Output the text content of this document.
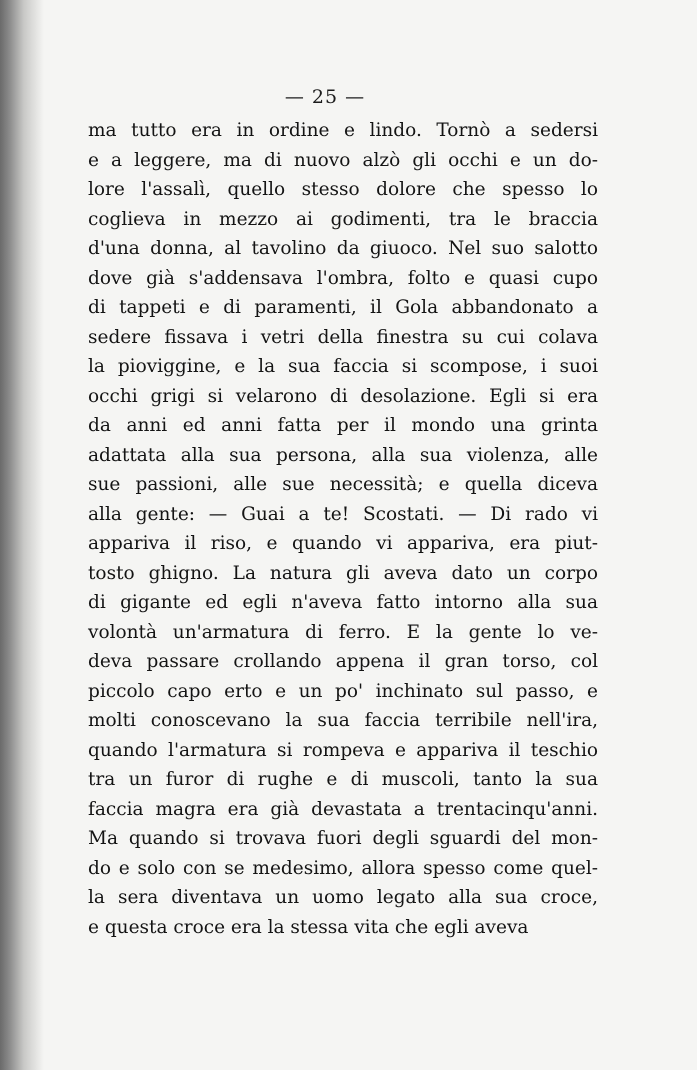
— 25 —
ma tutto era in ordine e lindo. Tornò a sedersi
e a leggere, ma di nuovo alzò gli occhi e un do-
lore l'assalì, quello stesso dolore che spesso lo
coglieva in mezzo ai godimenti, tra le braccia
d'una donna, al tavolino da giuoco. Nel suo salotto
dove già s'addensava l'ombra, folto e quasi cupo
di tappeti e di paramenti, il Gola abbandonato a
sedere fissava i vetri della finestra su cui colava
la pioviggine, e la sua faccia si scompose, i suoi
occhi grigi si velarono di desolazione. Egli si era
da anni ed anni fatta per il mondo una grinta
adattata alla sua persona, alla sua violenza, alle
sue passioni, alle sue necessità; e quella diceva
alla gente: — Guai a te! Scostati. — Di rado vi
appariva il riso, e quando vi appariva, era piut-
tosto ghigno. La natura gli aveva dato un corpo
di gigante ed egli n'aveva fatto intorno alla sua
volontà un'armatura di ferro. E la gente lo ve-
deva passare crollando appena il gran torso, col
piccolo capo erto e un po' inchinato sul passo, e
molti conoscevano la sua faccia terribile nell'ira,
quando l'armatura si rompeva e appariva il teschio
tra un furor di rughe e di muscoli, tanto la sua
faccia magra era già devastata a trentacinqu'anni.
Ma quando si trovava fuori degli sguardi del mon-
do e solo con se medesimo, allora spesso come quel-
la sera diventava un uomo legato alla sua croce,
e questa croce era la stessa vita che egli aveva
